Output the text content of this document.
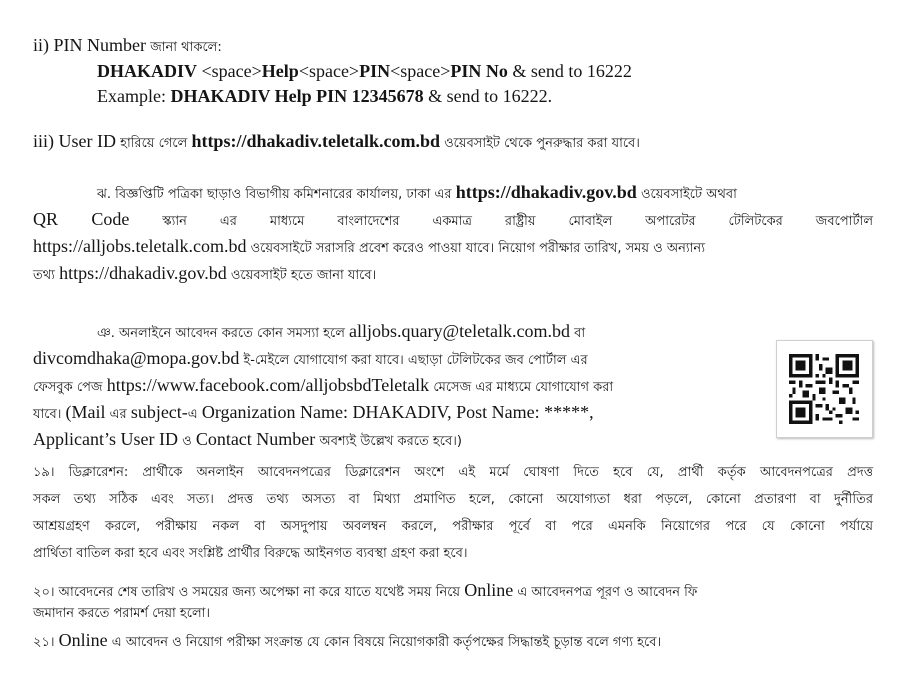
ii) PIN Number জানা থাকলে:
DHAKADIV <space>Help<space>PIN<space>PIN No & send to 16222
Example: DHAKADIV Help PIN 12345678 & send to 16222.
iii) User ID হারিয়ে গেলে https://dhakadiv.teletalk.com.bd ওয়েবসাইট থেকে পুনরুদ্ধার করা যাবে।
ঝ. বিজ্ঞপ্তিটি পত্রিকা ছাড়াও বিভাগীয় কমিশনারের কার্যালয়, ঢাকা এর https://dhakadiv.gov.bd ওয়েবসাইটে অথবা
QR Code স্ক্যান এর মাধ্যমে বাংলাদেশের একমাত্র রাষ্ট্রীয় মোবাইল অপারেটর টেলিটকের জবপোর্টাল
https://alljobs.teletalk.com.bd ওয়েবসাইটে সরাসরি প্রবেশ করেও পাওয়া যাবে। নিয়োগ পরীক্ষার তারিখ, সময় ও অন্যান্য
তথ্য https://dhakadiv.gov.bd ওয়েবসাইট হতে জানা যাবে।
ঞ. অনলাইনে আবেদন করতে কোন সমস্যা হলে alljobs.quary@teletalk.com.bd বা
divcomdhaka@mopa.gov.bd ই-মেইলে যোগাযোগ করা যাবে। এছাড়া টেলিটকের জব পোর্টাল এর
ফেসবুক পেজ https://www.facebook.com/alljobsbdTeletalk মেসেজ এর মাধ্যমে যোগাযোগ করা
যাবে। (Mail এর subject-এ Organization Name: DHAKADIV, Post Name: *****,
Applicant’s User ID ও Contact Number অবশ্যই উল্লেখ করতে হবে।)
১৯। ডিক্লারেশন: প্রার্থীকে অনলাইন আবেদনপত্রের ডিক্লারেশন অংশে এই মর্মে ঘোষণা দিতে হবে যে, প্রার্থী কর্তৃক আবেদনপত্রের প্রদত্ত
সকল তথ্য সঠিক এবং সত্য। প্রদত্ত তথ্য অসত্য বা মিথ্যা প্রমাণিত হলে, কোনো অযোগ্যতা ধরা পড়লে, কোনো প্রতারণা বা দুর্নীতির
আশ্রয়গ্রহণ করলে, পরীক্ষায় নকল বা অসদুপায় অবলম্বন করলে, পরীক্ষার পূর্বে বা পরে এমনকি নিয়োগের পরে যে কোনো পর্যায়ে
প্রার্থিতা বাতিল করা হবে এবং সংশ্লিষ্ট প্রার্থীর বিরুদ্ধে আইনগত ব্যবস্থা গ্রহণ করা হবে।
২০। আবেদনের শেষ তারিখ ও সময়ের জন্য অপেক্ষা না করে যাতে যথেষ্ট সময় নিয়ে Online এ আবেদনপত্র পূরণ ও আবেদন ফি
জমাদান করতে পরামর্শ দেয়া হলো।
২১। Online এ আবেদন ও নিয়োগ পরীক্ষা সংক্রান্ত যে কোন বিষয়ে নিয়োগকারী কর্তৃপক্ষের সিদ্ধান্তই চূড়ান্ত বলে গণ্য হবে।
